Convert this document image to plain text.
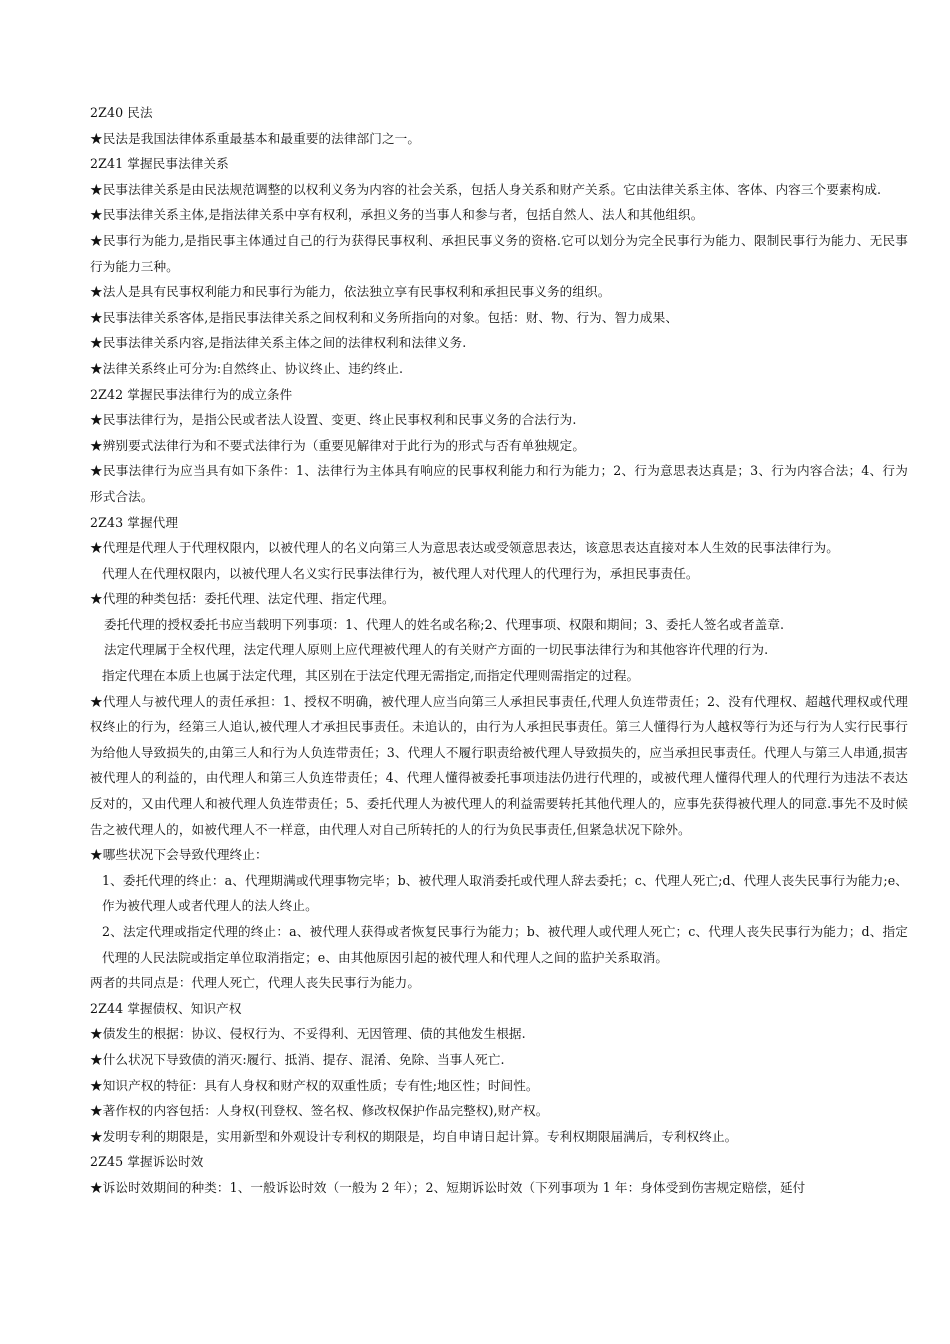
2Z40 民法
★民法是我国法律体系重最基本和最重要的法律部门之一。
2Z41 掌握民事法律关系
★民事法律关系是由民法规范调整的以权利义务为内容的社会关系，包括人身关系和财产关系。它由法律关系主体、客体、内容三个要素构成.
★民事法律关系主体,是指法律关系中享有权利，承担义务的当事人和参与者，包括自然人、法人和其他组织。
★民事行为能力,是指民事主体通过自己的行为获得民事权利、承担民事义务的资格.它可以划分为完全民事行为能力、限制民事行为能力、无民事行为能力三种。
★法人是具有民事权利能力和民事行为能力，依法独立享有民事权利和承担民事义务的组织。
★民事法律关系客体,是指民事法律关系之间权利和义务所指向的对象。包括：财、物、行为、智力成果、
★民事法律关系内容,是指法律关系主体之间的法律权利和法律义务.
★法律关系终止可分为:自然终止、协议终止、违约终止.
2Z42 掌握民事法律行为的成立条件
★民事法律行为，是指公民或者法人设置、变更、终止民事权利和民事义务的合法行为.
★辨别要式法律行为和不要式法律行为（重要见解律对于此行为的形式与否有单独规定。
★民事法律行为应当具有如下条件：1、法律行为主体具有响应的民事权利能力和行为能力；2、行为意思表达真是；3、行为内容合法；4、行为形式合法。
2Z43 掌握代理
★代理是代理人于代理权限内，以被代理人的名义向第三人为意思表达或受领意思表达，该意思表达直接对本人生效的民事法律行为。
代理人在代理权限内，以被代理人名义实行民事法律行为，被代理人对代理人的代理行为，承担民事责任。
★代理的种类包括：委托代理、法定代理、指定代理。
委托代理的授权委托书应当载明下列事项：1、代理人的姓名或名称;2、代理事项、权限和期间；3、委托人签名或者盖章.
法定代理属于全权代理，法定代理人原则上应代理被代理人的有关财产方面的一切民事法律行为和其他容许代理的行为.
指定代理在本质上也属于法定代理，其区别在于法定代理无需指定,而指定代理则需指定的过程。
★代理人与被代理人的责任承担：1、授权不明确，被代理人应当向第三人承担民事责任,代理人负连带责任；2、没有代理权、超越代理权或代理权终止的行为，经第三人追认,被代理人才承担民事责任。未追认的，由行为人承担民事责任。第三人懂得行为人越权等行为还与行为人实行民事行为给他人导致损失的,由第三人和行为人负连带责任；3、代理人不履行职责给被代理人导致损失的，应当承担民事责任。代理人与第三人串通,损害被代理人的利益的，由代理人和第三人负连带责任；4、代理人懂得被委托事项违法仍进行代理的，或被代理人懂得代理人的代理行为违法不表达反对的，又由代理人和被代理人负连带责任；5、委托代理人为被代理人的利益需要转托其他代理人的，应事先获得被代理人的同意.事先不及时候告之被代理人的，如被代理人不一样意，由代理人对自己所转托的人的行为负民事责任,但紧急状况下除外。
★哪些状况下会导致代理终止：
1、委托代理的终止：a、代理期满或代理事物完毕；b、被代理人取消委托或代理人辞去委托；c、代理人死亡;d、代理人丧失民事行为能力;e、作为被代理人或者代理人的法人终止。
2、法定代理或指定代理的终止：a、被代理人获得或者恢复民事行为能力；b、被代理人或代理人死亡；c、代理人丧失民事行为能力；d、指定代理的人民法院或指定单位取消指定；e、由其他原因引起的被代理人和代理人之间的监护关系取消。
两者的共同点是：代理人死亡，代理人丧失民事行为能力。
2Z44 掌握债权、知识产权
★债发生的根据：协议、侵权行为、不妥得利、无因管理、债的其他发生根据.
★什么状况下导致债的消灭:履行、抵消、提存、混淆、免除、当事人死亡.
★知识产权的特征：具有人身权和财产权的双重性质；专有性;地区性；时间性。
★著作权的内容包括：人身权(刊登权、签名权、修改权保护作品完整权),财产权。
★发明专利的期限是，实用新型和外观设计专利权的期限是，均自申请日起计算。专利权期限届满后，专利权终止。
2Z45 掌握诉讼时效
★诉讼时效期间的种类：1、一般诉讼时效（一般为 2 年）；2、短期诉讼时效（下列事项为 1 年：身体受到伤害规定赔偿，延付
